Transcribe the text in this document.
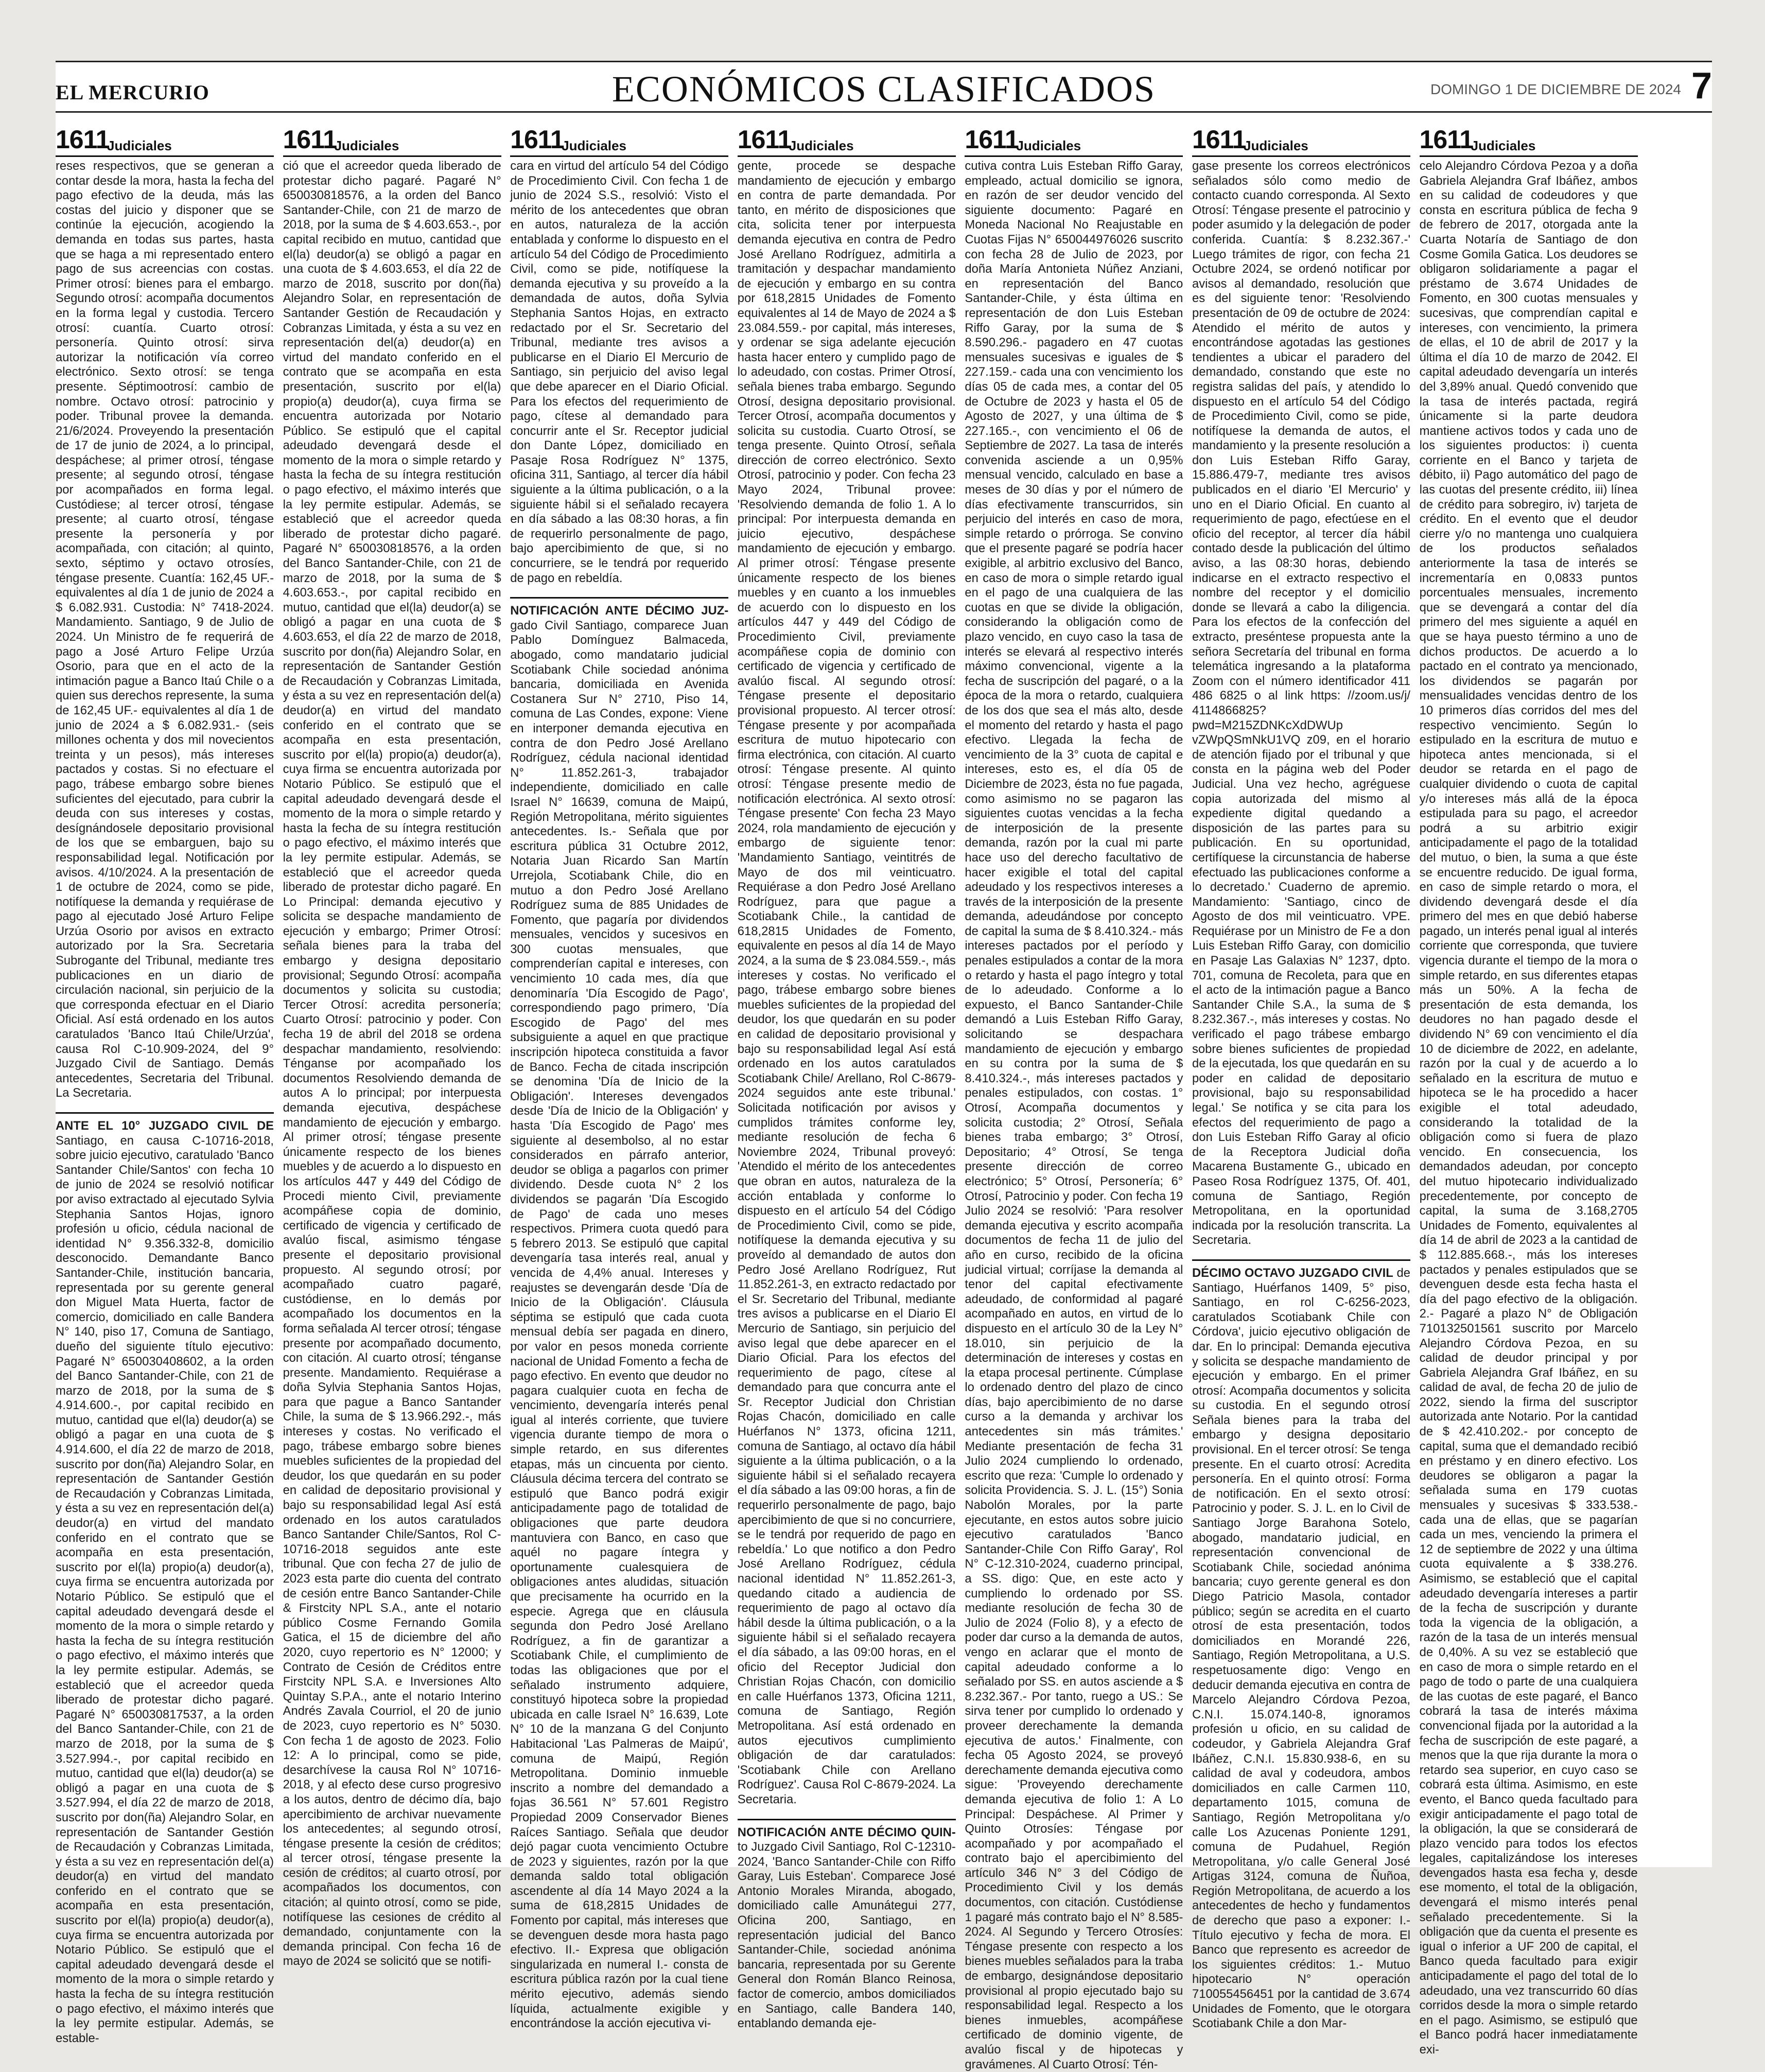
EL MERCURIO	ECONÓMICOS CLASIFICADOS	DOMINGO 1 DE DICIEMBRE DE 2024 7
1611
Judiciales

reses respectivos, que se generan a contar desde la mora, hasta la fecha del pago efectivo de la deuda, más las costas del juicio y disponer que se continúe la ejecución, acogiendo la demanda en todas sus partes, hasta que se haga a mi representado entero pago de sus acreencias con costas. Primer otrosí: bienes para el embargo. Segundo otrosí: acompaña documentos en la forma legal y custodia. Tercero otrosí: cuantía. Cuarto otrosí: personería. Quinto otrosí: sirva autorizar la notificación vía correo electrónico. Sexto otrosí: se tenga presente. Séptimootrosí: cambio de nombre. Octavo otrosí: patrocinio y poder. Tribunal provee la demanda. 21/6/2024. Proveyendo la presentación de 17 de junio de 2024, a lo principal, despáchese; al primer otrosí, téngase presente; al segundo otrosí, téngase por acompañados en forma legal. Custódiese; al tercer otrosí, téngase presente; al cuarto otrosí, téngase presente la personería y por acompañada, con citación; al quinto, sexto, séptimo y octavo otrosíes, téngase presente. Cuantía: 162,45 UF.- equivalentes al día 1 de junio de 2024 a $ 6.082.931. Custodia: N° 7418-2024. Mandamiento. Santiago, 9 de Julio de 2024. Un Ministro de fe requerirá de pago a José Arturo Felipe Urzúa Osorio, para que en el acto de la intimación pague a Banco Itaú Chile o a quien sus derechos represente, la suma de 162,45 UF.- equivalentes al día 1 de junio de 2024 a $ 6.082.931.- (seis millones ochenta y dos mil novecientos treinta y un pesos), más intereses pactados y costas. Si no efectuare el pago, trábese embargo sobre bienes suficientes del ejecutado, para cubrir la deuda con sus intereses y costas, desígnándosele depositario provisional de los que se embarguen, bajo su responsabilidad legal. Notificación por avisos. 4/10/2024. A la presentación de 1 de octubre de 2024, como se pide, notifíquese la demanda y requiérase de pago al ejecutado José Arturo Felipe Urzúa Osorio por avisos en extracto autorizado por la Sra. Secretaria Subrogante del Tribunal, mediante tres publicaciones en un diario de circulación nacional, sin perjuicio de la que corresponda efectuar en el Diario Oficial. Así está ordenado en los autos caratulados 'Banco Itaú Chile/Urzúa', causa Rol C-10.909-2024, del 9° Juzgado Civil de Santiago. Demás antecedentes, Secretaria del Tribunal. La Secretaria.

ANTE EL 10° JUZGADO CIVIL DE Santiago, en causa C-10716-2018, sobre juicio ejecutivo, caratulado 'Banco Santander Chile/Santos' con fecha 10 de junio de 2024 se resolvió notificar por aviso extractado al ejecutado Sylvia Stephania Santos Hojas, ignoro profesión u oficio, cédula nacional de identidad N° 9.356.332-8, domicilio desconocido. Demandante Banco Santander-Chile, institución bancaria, representada por su gerente general don Miguel Mata Huerta, factor de comercio, domiciliado en calle Bandera N° 140, piso 17, Comuna de Santiago, dueño del siguiente título ejecutivo: Pagaré N° 650030408602, a la orden del Banco Santander-Chile, con 21 de marzo de 2018, por la suma de $ 4.914.600.-, por capital recibido en mutuo, cantidad que el(la) deudor(a) se obligó a pagar en una cuota de $ 4.914.600, el día 22 de marzo de 2018, suscrito por don(ña) Alejandro Solar, en representación de Santander Gestión de Recaudación y Cobranzas Limitada, y ésta a su vez en representación del(a) deudor(a) en virtud del mandato conferido en el contrato que se acompaña en esta presentación, suscrito por el(la) propio(a) deudor(a), cuya firma se encuentra autorizada por Notario Público. Se estipuló que el capital adeudado devengará desde el momento de la mora o simple retardo y hasta la fecha de su íntegra restitución o pago efectivo, el máximo interés que la ley permite estipular. Además, se estableció que el acreedor queda liberado de protestar dicho pagaré. Pagaré N° 650030817537, a la orden del Banco Santander-Chile, con 21 de marzo de 2018, por la suma de $ 3.527.994.-, por capital recibido en mutuo, cantidad que el(la) deudor(a) se obligó a pagar en una cuota de $ 3.527.994, el día 22 de marzo de 2018, suscrito por don(ña) Alejandro Solar, en representación de Santander Gestión de Recaudación y Cobranzas Limitada, y ésta a su vez en representación del(a) deudor(a) en virtud del mandato conferido en el contrato que se acompaña en esta presentación, suscrito por el(la) propio(a) deudor(a), cuya firma se encuentra autorizada por Notario Público. Se estipuló que el capital adeudado devengará desde el momento de la mora o simple retardo y hasta la fecha de su íntegra restitución o pago efectivo, el máximo interés que la ley permite estipular. Además, se estable-

1611
Judiciales

ció que el acreedor queda liberado de protestar dicho pagaré. Pagaré N° 650030818576, a la orden del Banco Santander-Chile, con 21 de marzo de 2018, por la suma de $ 4.603.653.-, por capital recibido en mutuo, cantidad que el(la) deudor(a) se obligó a pagar en una cuota de $ 4.603.653, el día 22 de marzo de 2018, suscrito por don(ña) Alejandro Solar, en representación de Santander Gestión de Recaudación y Cobranzas Limitada, y ésta a su vez en representación del(a) deudor(a) en virtud del mandato conferido en el contrato que se acompaña en esta presentación, suscrito por el(la) propio(a) deudor(a), cuya firma se encuentra autorizada por Notario Público. Se estipuló que el capital adeudado devengará desde el momento de la mora o simple retardo y hasta la fecha de su íntegra restitución o pago efectivo, el máximo interés que la ley permite estipular. Además, se estableció que el acreedor queda liberado de protestar dicho pagaré. Pagaré N° 650030818576, a la orden del Banco Santander-Chile, con 21 de marzo de 2018, por la suma de $ 4.603.653.-, por capital recibido en mutuo, cantidad que el(la) deudor(a) se obligó a pagar en una cuota de $ 4.603.653, el día 22 de marzo de 2018, suscrito por don(ña) Alejandro Solar, en representación de Santander Gestión de Recaudación y Cobranzas Limitada, y ésta a su vez en representación del(a) deudor(a) en virtud del mandato conferido en el contrato que se acompaña en esta presentación, suscrito por el(la) propio(a) deudor(a), cuya firma se encuentra autorizada por Notario Público. Se estipuló que el capital adeudado devengará desde el momento de la mora o simple retardo y hasta la fecha de su íntegra restitución o pago efectivo, el máximo interés que la ley permite estipular. Además, se estableció que el acreedor queda liberado de protestar dicho pagaré. En Lo Principal: demanda ejecutivo y solicita se despache mandamiento de ejecución y embargo; Primer Otrosí: señala bienes para la traba del embargo y designa depositario provisional; Segundo Otrosí: acompaña documentos y solicita su custodia; Tercer Otrosí: acredita personería; Cuarto Otrosí: patrocinio y poder. Con fecha 19 de abril del 2018 se ordena despachar mandamiento, resolviendo: Ténganse por acompañado los documentos Resolviendo demanda de autos A lo principal; por interpuesta demanda ejecutiva, despáchese mandamiento de ejecución y embargo. Al primer otrosí; téngase presente únicamente respecto de los bienes muebles y de acuerdo a lo dispuesto en los artículos 447 y 449 del Código de Procedi miento Civil, previamente acompáñese copia de dominio, certificado de vigencia y certificado de avalúo fiscal, asimismo téngase presente el depositario provisional propuesto. Al segundo otrosí; por acompañado cuatro pagaré, custódiense, en lo demás por acompañado los documentos en la forma señalada Al tercer otrosí; téngase presente por acompañado documento, con citación. Al cuarto otrosí; ténganse presente. Mandamiento. Requiérase a doña Sylvia Stephania Santos Hojas, para que pague a Banco Santander Chile, la suma de $ 13.966.292.-, más intereses y costas. No verificado el pago, trábese embargo sobre bienes muebles suficientes de la propiedad del deudor, los que quedarán en su poder en calidad de depositario provisional y bajo su responsabilidad legal Así está ordenado en los autos caratulados Banco Santander Chile/Santos, Rol C-10716-2018 seguidos ante este tribunal. Que con fecha 27 de julio de 2023 esta parte dio cuenta del contrato de cesión entre Banco Santander-Chile & Firstcity NPL S.A., ante el notario público Cosme Fernando Gomila Gatica, el 15 de diciembre del año 2020, cuyo repertorio es N° 12000; y Contrato de Cesión de Créditos entre Firstcity NPL S.A. e Inversiones Alto Quintay S.P.A., ante el notario Interino Andrés Zavala Courriol, el 20 de junio de 2023, cuyo repertorio es N° 5030. Con fecha 1 de agosto de 2023. Folio 12: A lo principal, como se pide, desarchívese la causa Rol N° 10716- 2018, y al efecto dese curso progresivo a los autos, dentro de décimo día, bajo apercibimiento de archivar nuevamente los antecedentes; al segundo otrosí, téngase presente la cesión de créditos; al tercer otrosí, téngase presente la cesión de créditos; al cuarto otrosí, por acompañados los documentos, con citación; al quinto otrosí, como se pide, notifíquese las cesiones de crédito al demandado, conjuntamente con la demanda principal. Con fecha 16 de mayo de 2024 se solicitó que se notifi-

1611
Judiciales

cara en virtud del artículo 54 del Código de Procedimiento Civil. Con fecha 1 de junio de 2024 S.S., resolvió: Visto el mérito de los antecedentes que obran en autos, naturaleza de la acción entablada y conforme lo dispuesto en el artículo 54 del Código de Procedimiento Civil, como se pide, notifíquese la demanda ejecutiva y su proveído a la demandada de autos, doña Sylvia Stephania Santos Hojas, en extracto redactado por el Sr. Secretario del Tribunal, mediante tres avisos a publicarse en el Diario El Mercurio de Santiago, sin perjuicio del aviso legal que debe aparecer en el Diario Oficial. Para los efectos del requerimiento de pago, cítese al demandado para concurrir ante el Sr. Receptor judicial don Dante López, domiciliado en Pasaje Rosa Rodríguez N° 1375, oficina 311, Santiago, al tercer día hábil siguiente a la última publicación, o a la siguiente hábil si el señalado recayera en día sábado a las 08:30 horas, a fin de requerirlo personalmente de pago, bajo apercibimiento de que, si no concurriere, se le tendrá por requerido de pago en rebeldía.

NOTIFICACIÓN ANTE DÉCIMO JUZ- gado Civil Santiago, comparece Juan Pablo Domínguez Balmaceda, abogado, como mandatario judicial Scotiabank Chile sociedad anónima bancaria, domiciliada en Avenida Costanera Sur N° 2710, Piso 14, comuna de Las Condes, expone: Viene en interponer demanda ejecutiva en contra de don Pedro José Arellano Rodríguez, cédula nacional identidad N° 11.852.261-3, trabajador independiente, domiciliado en calle Israel N° 16639, comuna de Maipú, Región Metropolitana, mérito siguientes antecedentes. Is.- Señala que por escritura pública 31 Octubre 2012, Notaria Juan Ricardo San Martín Urrejola, Scotiabank Chile, dio en mutuo a don Pedro José Arellano Rodríguez suma de 885 Unidades de Fomento, que pagaría por dividendos mensuales, vencidos y sucesivos en 300 cuotas mensuales, que comprenderían capital e intereses, con vencimiento 10 cada mes, día que denominaría 'Día Escogido de Pago', correspondiendo pago primero, 'Día Escogido de Pago' del mes subsiguiente a aquel en que practique inscripción hipoteca constituida a favor de Banco. Fecha de citada inscripción se denomina 'Día de Inicio de la Obligación'. Intereses devengados desde 'Día de Inicio de la Obligación' y hasta 'Día Escogido de Pago' mes siguiente al desembolso, al no estar considerados en párrafo anterior, deudor se obliga a pagarlos con primer dividendo. Desde cuota N° 2 los dividendos se pagarán 'Día Escogido de Pago' de cada uno meses respectivos. Primera cuota quedó para 5 febrero 2013. Se estipuló que capital devengaría tasa interés real, anual y vencida de 4,4% anual. Intereses y reajustes se devengarán desde 'Día de Inicio de la Obligación'. Cláusula séptima se estipuló que cada cuota mensual debía ser pagada en dinero, por valor en pesos moneda corriente nacional de Unidad Fomento a fecha de pago efectivo. En evento que deudor no pagara cualquier cuota en fecha de vencimiento, devengaría interés penal igual al interés corriente, que tuviere vigencia durante tiempo de mora o simple retardo, en sus diferentes etapas, más un cincuenta por ciento. Cláusula décima tercera del contrato se estipuló que Banco podrá exigir anticipadamente pago de totalidad de obligaciones que parte deudora mantuviera con Banco, en caso que aquél no pagare íntegra y oportunamente cualesquiera de obligaciones antes aludidas, situación que precisamente ha ocurrido en la especie. Agrega que en cláusula segunda don Pedro José Arellano Rodríguez, a fin de garantizar a Scotiabank Chile, el cumplimiento de todas las obligaciones que por el señalado instrumento adquiere, constituyó hipoteca sobre la propiedad ubicada en calle Israel N° 16.639, Lote N° 10 de la manzana G del Conjunto Habitacional 'Las Palmeras de Maipú', comuna de Maipú, Región Metropolitana. Dominio inmueble inscrito a nombre del demandado a fojas 36.561 N° 57.601 Registro Propiedad 2009 Conservador Bienes Raíces Santiago. Señala que deudor dejó pagar cuota vencimiento Octubre de 2023 y siguientes, razón por la que demanda saldo total obligación ascendente al día 14 Mayo 2024 a la suma de 618,2815 Unidades de Fomento por capital, más intereses que se devenguen desde mora hasta pago efectivo. II.- Expresa que obligación singularizada en numeral I.- consta de escritura pública razón por la cual tiene mérito ejecutivo, además siendo líquida, actualmente exigible y encontrándose la acción ejecutiva vi-

1611
Judiciales

gente, procede se despache mandamiento de ejecución y embargo en contra de parte demandada. Por tanto, en mérito de disposiciones que cita, solicita tener por interpuesta demanda ejecutiva en contra de Pedro José Arellano Rodríguez, admitirla a tramitación y despachar mandamiento de ejecución y embargo en su contra por 618,2815 Unidades de Fomento equivalentes al 14 de Mayo de 2024 a $ 23.084.559.- por capital, más intereses, y ordenar se siga adelante ejecución hasta hacer entero y cumplido pago de lo adeudado, con costas. Primer Otrosí, señala bienes traba embargo. Segundo Otrosí, designa depositario provisional. Tercer Otrosí, acompaña documentos y solicita su custodia. Cuarto Otrosí, se tenga presente. Quinto Otrosí, señala dirección de correo electrónico. Sexto Otrosí, patrocinio y poder. Con fecha 23 Mayo 2024, Tribunal provee: 'Resolviendo demanda de folio 1. A lo principal: Por interpuesta demanda en juicio ejecutivo, despáchese mandamiento de ejecución y embargo. Al primer otrosí: Téngase presente únicamente respecto de los bienes muebles y en cuanto a los inmuebles de acuerdo con lo dispuesto en los artículos 447 y 449 del Código de Procedimiento Civil, previamente acompáñese copia de dominio con certificado de vigencia y certificado de avalúo fiscal. Al segundo otrosí: Téngase presente el depositario provisional propuesto. Al tercer otrosí: Téngase presente y por acompañada escritura de mutuo hipotecario con firma electrónica, con citación. Al cuarto otrosí: Téngase presente. Al quinto otrosí: Téngase presente medio de notificación electrónica. Al sexto otrosí: Téngase presente' Con fecha 23 Mayo 2024, rola mandamiento de ejecución y embargo de siguiente tenor: 'Mandamiento Santiago, veintitrés de Mayo de dos mil veinticuatro. Requiérase a don Pedro José Arellano Rodríguez, para que pague a Scotiabank Chile., la cantidad de 618,2815 Unidades de Fomento, equivalente en pesos al día 14 de Mayo 2024, a la suma de $ 23.084.559.-, más intereses y costas. No verificado el pago, trábese embargo sobre bienes muebles suficientes de la propiedad del deudor, los que quedarán en su poder en calidad de depositario provisional y bajo su responsabilidad legal Así está ordenado en los autos caratulados Scotiabank Chile/ Arellano, Rol C-8679-2024 seguidos ante este tribunal.' Solicitada notificación por avisos y cumplidos trámites conforme ley, mediante resolución de fecha 6 Noviembre 2024, Tribunal proveyó: 'Atendido el mérito de los antecedentes que obran en autos, naturaleza de la acción entablada y conforme lo dispuesto en el artículo 54 del Código de Procedimiento Civil, como se pide, notifíquese la demanda ejecutiva y su proveído al demandado de autos don Pedro José Arellano Rodríguez, Rut 11.852.261-3, en extracto redactado por el Sr. Secretario del Tribunal, mediante tres avisos a publicarse en el Diario El Mercurio de Santiago, sin perjuicio del aviso legal que debe aparecer en el Diario Oficial. Para los efectos del requerimiento de pago, cítese al demandado para que concurra ante el Sr. Receptor Judicial don Christian Rojas Chacón, domiciliado en calle Huérfanos N° 1373, oficina 1211, comuna de Santiago, al octavo día hábil siguiente a la última publicación, o a la siguiente hábil si el señalado recayera el día sábado a las 09:00 horas, a fin de requerirlo personalmente de pago, bajo apercibimiento de que si no concurriere, se le tendrá por requerido de pago en rebeldía.' Lo que notifico a don Pedro José Arellano Rodríguez, cédula nacional identidad N° 11.852.261-3, quedando citado a audiencia de requerimiento de pago al octavo día hábil desde la última publicación, o a la siguiente hábil si el señalado recayera el día sábado, a las 09:00 horas, en el oficio del Receptor Judicial don Christian Rojas Chacón, con domicilio en calle Huérfanos 1373, Oficina 1211, comuna de Santiago, Región Metropolitana. Así está ordenado en autos ejecutivos cumplimiento obligación de dar caratulados: 'Scotiabank Chile con Arellano Rodríguez'. Causa Rol C-8679-2024. La Secretaria.

NOTIFICACIÓN ANTE DÉCIMO QUIN- to Juzgado Civil Santiago, Rol C-12310-2024, 'Banco Santander-Chile con Riffo Garay, Luis Esteban'. Comparece José Antonio Morales Miranda, abogado, domiciliado calle Amunátegui 277, Oficina 200, Santiago, en representación judicial del Banco Santander-Chile, sociedad anónima bancaria, representada por su Gerente General don Román Blanco Reinosa, factor de comercio, ambos domiciliados en Santiago, calle Bandera 140, entablando demanda eje-

1611
Judiciales

cutiva contra Luis Esteban Riffo Garay, empleado, actual domicilio se ignora, en razón de ser deudor vencido del siguiente documento: Pagaré en Moneda Nacional No Reajustable en Cuotas Fijas N° 650044976026 suscrito con fecha 28 de Julio de 2023, por doña María Antonieta Núñez Anziani, en representación del Banco Santander-Chile, y ésta última en representación de don Luis Esteban Riffo Garay, por la suma de $ 8.590.296.- pagadero en 47 cuotas mensuales sucesivas e iguales de $ 227.159.- cada una con vencimiento los días 05 de cada mes, a contar del 05 de Octubre de 2023 y hasta el 05 de Agosto de 2027, y una última de $ 227.165.-, con vencimiento el 06 de Septiembre de 2027. La tasa de interés convenida asciende a un 0,95% mensual vencido, calculado en base a meses de 30 días y por el número de días efectivamente transcurridos, sin perjuicio del interés en caso de mora, simple retardo o prórroga. Se convino que el presente pagaré se podría hacer exigible, al arbitrio exclusivo del Banco, en caso de mora o simple retardo igual en el pago de una cualquiera de las cuotas en que se divide la obligación, considerando la obligación como de plazo vencido, en cuyo caso la tasa de interés se elevará al respectivo interés máximo convencional, vigente a la fecha de suscripción del pagaré, o a la época de la mora o retardo, cualquiera de los dos que sea el más alto, desde el momento del retardo y hasta el pago efectivo. Llegada la fecha de vencimiento de la 3° cuota de capital e intereses, esto es, el día 05 de Diciembre de 2023, ésta no fue pagada, como asimismo no se pagaron las siguientes cuotas vencidas a la fecha de interposición de la presente demanda, razón por la cual mi parte hace uso del derecho facultativo de hacer exigible el total del capital adeudado y los respectivos intereses a través de la interposición de la presente demanda, adeudándose por concepto de capital la suma de $ 8.410.324.- más intereses pactados por el período y penales estipulados a contar de la mora o retardo y hasta el pago íntegro y total de lo adeudado. Conforme a lo expuesto, el Banco Santander-Chile demandó a Luis Esteban Riffo Garay, solicitando se despachara mandamiento de ejecución y embargo en su contra por la suma de $ 8.410.324.-, más intereses pactados y penales estipulados, con costas. 1° Otrosí, Acompaña documentos y solicita custodia; 2° Otrosí, Señala bienes traba embargo; 3° Otrosí, Depositario; 4° Otrosí, Se tenga presente dirección de correo electrónico; 5° Otrosí, Personería; 6° Otrosí, Patrocinio y poder. Con fecha 19 Julio 2024 se resolvió: 'Para resolver demanda ejecutiva y escrito acompaña documentos de fecha 11 de julio del año en curso, recibido de la oficina judicial virtual; corríjase la demanda al tenor del capital efectivamente adeudado, de conformidad al pagaré acompañado en autos, en virtud de lo dispuesto en el artículo 30 de la Ley N° 18.010, sin perjuicio de la determinación de intereses y costas en la etapa procesal pertinente. Cúmplase lo ordenado dentro del plazo de cinco días, bajo apercibimiento de no darse curso a la demanda y archivar los antecedentes sin más trámites.' Mediante presentación de fecha 31 Julio 2024 cumpliendo lo ordenado, escrito que reza: 'Cumple lo ordenado y solicita Providencia. S. J. L. (15°) Sonia Nabolón Morales, por la parte ejecutante, en estos autos sobre juicio ejecutivo caratulados 'Banco Santander-Chile Con Riffo Garay', Rol N° C-12.310-2024, cuaderno principal, a SS. digo: Que, en este acto y cumpliendo lo ordenado por SS. mediante resolución de fecha 30 de Julio de 2024 (Folio 8), y a efecto de poder dar curso a la demanda de autos, vengo en aclarar que el monto de capital adeudado conforme a lo señalado por SS. en autos asciende a $ 8.232.367.- Por tanto, ruego a US.: Se sirva tener por cumplido lo ordenado y proveer derechamente la demanda ejecutiva de autos.' Finalmente, con fecha 05 Agosto 2024, se proveyó derechamente demanda ejecutiva como sigue: 'Proveyendo derechamente demanda ejecutiva de folio 1: A Lo Principal: Despáchese. Al Primer y Quinto Otrosíes: Téngase por acompañado y por acompañado el contrato bajo el apercibimiento del artículo 346 N° 3 del Código de Procedimiento Civil y los demás documentos, con citación. Custódiense 1 pagaré más contrato bajo el N° 8.585-2024. Al Segundo y Tercero Otrosíes: Téngase presente con respecto a los bienes muebles señalados para la traba de embargo, designándose depositario provisional al propio ejecutado bajo su responsabilidad legal. Respecto a los bienes inmuebles, acompáñese certificado de dominio vigente, de avalúo fiscal y de hipotecas y gravámenes. Al Cuarto Otrosí: Tén-

1611
Judiciales

gase presente los correos electrónicos señalados sólo como medio de contacto cuando corresponda. Al Sexto Otrosí: Téngase presente el patrocinio y poder asumido y la delegación de poder conferida. Cuantía: $ 8.232.367.-' Luego trámites de rigor, con fecha 21 Octubre 2024, se ordenó notificar por avisos al demandado, resolución que es del siguiente tenor: 'Resolviendo presentación de 09 de octubre de 2024: Atendido el mérito de autos y encontrándose agotadas las gestiones tendientes a ubicar el paradero del demandado, constando que este no registra salidas del país, y atendido lo dispuesto en el artículo 54 del Código de Procedimiento Civil, como se pide, notifíquese la demanda de autos, el mandamiento y la presente resolución a don Luis Esteban Riffo Garay, 15.886.479-7, mediante tres avisos publicados en el diario 'El Mercurio' y uno en el Diario Oficial. En cuanto al requerimiento de pago, efectúese en el oficio del receptor, al tercer día hábil contado desde la publicación del último aviso, a las 08:30 horas, debiendo indicarse en el extracto respectivo el nombre del receptor y el domicilio donde se llevará a cabo la diligencia. Para los efectos de la confección del extracto, preséntese propuesta ante la señora Secretaría del tribunal en forma telemática ingresando a la plataforma Zoom con el número identificador 411 486 6825 o al link https: //zoom.us/j/ 4114866825?pwd=M215ZDNKcXdDWUp vZWpQSmNkU1VQ z09, en el horario de atención fijado por el tribunal y que consta en la página web del Poder Judicial. Una vez hecho, agréguese copia autorizada del mismo al expediente digital quedando a disposición de las partes para su publicación. En su oportunidad, certifíquese la circunstancia de haberse efectuado las publicaciones conforme a lo decretado.' Cuaderno de apremio. Mandamiento: 'Santiago, cinco de Agosto de dos mil veinticuatro. VPE. Requiérase por un Ministro de Fe a don Luis Esteban Riffo Garay, con domicilio en Pasaje Las Galaxias N° 1237, dpto. 701, comuna de Recoleta, para que en el acto de la intimación pague a Banco Santander Chile S.A., la suma de $ 8.232.367.-, más intereses y costas. No verificado el pago trábese embargo sobre bienes suficientes de propiedad de la ejecutada, los que quedarán en su poder en calidad de depositario provisional, bajo su responsabilidad legal.' Se notifica y se cita para los efectos del requerimiento de pago a don Luis Esteban Riffo Garay al oficio de la Receptora Judicial doña Macarena Bustamente G., ubicado en Paseo Rosa Rodríguez 1375, Of. 401, comuna de Santiago, Región Metropolitana, en la oportunidad indicada por la resolución transcrita. La Secretaria.

DÉCIMO OCTAVO JUZGADO CIVIL de Santiago, Huérfanos 1409, 5° piso, Santiago, en rol C-6256-2023, caratulados Scotiabank Chile con Córdova', juicio ejecutivo obligación de dar. En lo principal: Demanda ejecutiva y solicita se despache mandamiento de ejecución y embargo. En el primer otrosí: Acompaña documentos y solicita su custodia. En el segundo otrosí Señala bienes para la traba del embargo y designa depositario provisional. En el tercer otrosí: Se tenga presente. En el cuarto otrosí: Acredita personería. En el quinto otrosí: Forma de notificación. En el sexto otrosí: Patrocinio y poder. S. J. L. en lo Civil de Santiago Jorge Barahona Sotelo, abogado, mandatario judicial, en representación convencional de Scotiabank Chile, sociedad anónima bancaria; cuyo gerente general es don Diego Patricio Masola, contador público; según se acredita en el cuarto otrosí de esta presentación, todos domiciliados en Morandé 226, Santiago, Región Metropolitana, a U.S. respetuosamente digo: Vengo en deducir demanda ejecutiva en contra de Marcelo Alejandro Córdova Pezoa, C.N.I. 15.074.140-8, ignoramos profesión u oficio, en su calidad de codeudor, y Gabriela Alejandra Graf Ibáñez, C.N.I. 15.830.938-6, en su calidad de aval y codeudora, ambos domiciliados en calle Carmen 110, departamento 1015, comuna de Santiago, Región Metropolitana y/o calle Los Azucenas Poniente 1291, comuna de Pudahuel, Región Metropolitana, y/o calle General José Artigas 3124, comuna de Ñuñoa, Región Metropolitana, de acuerdo a los antecedentes de hecho y fundamentos de derecho que paso a exponer: I.- Título ejecutivo y fecha de mora. El Banco que represento es acreedor de los siguientes créditos: 1.- Mutuo hipotecario N° operación 710055456451 por la cantidad de 3.674 Unidades de Fomento, que le otorgara Scotiabank Chile a don Mar-

1611
Judiciales

celo Alejandro Córdova Pezoa y a doña Gabriela Alejandra Graf Ibáñez, ambos en su calidad de codeudores y que consta en escritura pública de fecha 9 de febrero de 2017, otorgada ante la Cuarta Notaría de Santiago de don Cosme Gomila Gatica. Los deudores se obligaron solidariamente a pagar el préstamo de 3.674 Unidades de Fomento, en 300 cuotas mensuales y sucesivas, que comprendían capital e intereses, con vencimiento, la primera de ellas, el 10 de abril de 2017 y la última el día 10 de marzo de 2042. El capital adeudado devengaría un interés del 3,89% anual. Quedó convenido que la tasa de interés pactada, regirá únicamente si la parte deudora mantiene activos todos y cada uno de los siguientes productos: i) cuenta corriente en el Banco y tarjeta de débito, ii) Pago automático del pago de las cuotas del presente crédito, iii) línea de crédito para sobregiro, iv) tarjeta de crédito. En el evento que el deudor cierre y/o no mantenga uno cualquiera de los productos señalados anteriormente la tasa de interés se incrementaría en 0,0833 puntos porcentuales mensuales, incremento que se devengará a contar del día primero del mes siguiente a aquél en que se haya puesto término a uno de dichos productos. De acuerdo a lo pactado en el contrato ya mencionado, los dividendos se pagarán por mensualidades vencidas dentro de los 10 primeros días corridos del mes del respectivo vencimiento. Según lo estipulado en la escritura de mutuo e hipoteca antes mencionada, si el deudor se retarda en el pago de cualquier dividendo o cuota de capital y/o intereses más allá de la época estipulada para su pago, el acreedor podrá a su arbitrio exigir anticipadamente el pago de la totalidad del mutuo, o bien, la suma a que éste se encuentre reducido. De igual forma, en caso de simple retardo o mora, el dividendo devengará desde el día primero del mes en que debió haberse pagado, un interés penal igual al interés corriente que corresponda, que tuviere vigencia durante el tiempo de la mora o simple retardo, en sus diferentes etapas más un 50%. A la fecha de presentación de esta demanda, los deudores no han pagado desde el dividendo N° 69 con vencimiento el día 10 de diciembre de 2022, en adelante, razón por la cual y de acuerdo a lo señalado en la escritura de mutuo e hipoteca se le ha procedido a hacer exigible el total adeudado, considerando la totalidad de la obligación como si fuera de plazo vencido. En consecuencia, los demandados adeudan, por concepto del mutuo hipotecario individualizado precedentemente, por concepto de capital, la suma de 3.168,2705 Unidades de Fomento, equivalentes al día 14 de abril de 2023 a la cantidad de $ 112.885.668.-, más los intereses pactados y penales estipulados que se devenguen desde esta fecha hasta el día del pago efectivo de la obligación. 2.- Pagaré a plazo N° de Obligación 710132501561 suscrito por Marcelo Alejandro Córdova Pezoa, en su calidad de deudor principal y por Gabriela Alejandra Graf Ibáñez, en su calidad de aval, de fecha 20 de julio de 2022, siendo la firma del suscriptor autorizada ante Notario. Por la cantidad de $ 42.410.202.- por concepto de capital, suma que el demandado recibió en préstamo y en dinero efectivo. Los deudores se obligaron a pagar la señalada suma en 179 cuotas mensuales y sucesivas $ 333.538.- cada una de ellas, que se pagarían cada un mes, venciendo la primera el 12 de septiembre de 2022 y una última cuota equivalente a $ 338.276. Asimismo, se estableció que el capital adeudado devengaría intereses a partir de la fecha de suscripción y durante toda la vigencia de la obligación, a razón de la tasa de un interés mensual de 0,40%. A su vez se estableció que en caso de mora o simple retardo en el pago de todo o parte de una cualquiera de las cuotas de este pagaré, el Banco cobrará la tasa de interés máxima convencional fijada por la autoridad a la fecha de suscripción de este pagaré, a menos que la que rija durante la mora o retardo sea superior, en cuyo caso se cobrará esta última. Asimismo, en este evento, el Banco queda facultado para exigir anticipadamente el pago total de la obligación, la que se considerará de plazo vencido para todos los efectos legales, capitalizándose los intereses devengados hasta esa fecha y, desde ese momento, el total de la obligación, devengará el mismo interés penal señalado precedentemente. Si la obligación que da cuenta el presente es igual o inferior a UF 200 de capital, el Banco queda facultado para exigir anticipadamente el pago del total de lo adeudado, una vez transcurrido 60 días corridos desde la mora o simple retardo en el pago. Asimismo, se estipuló que el Banco podrá hacer inmediatamente exi-
